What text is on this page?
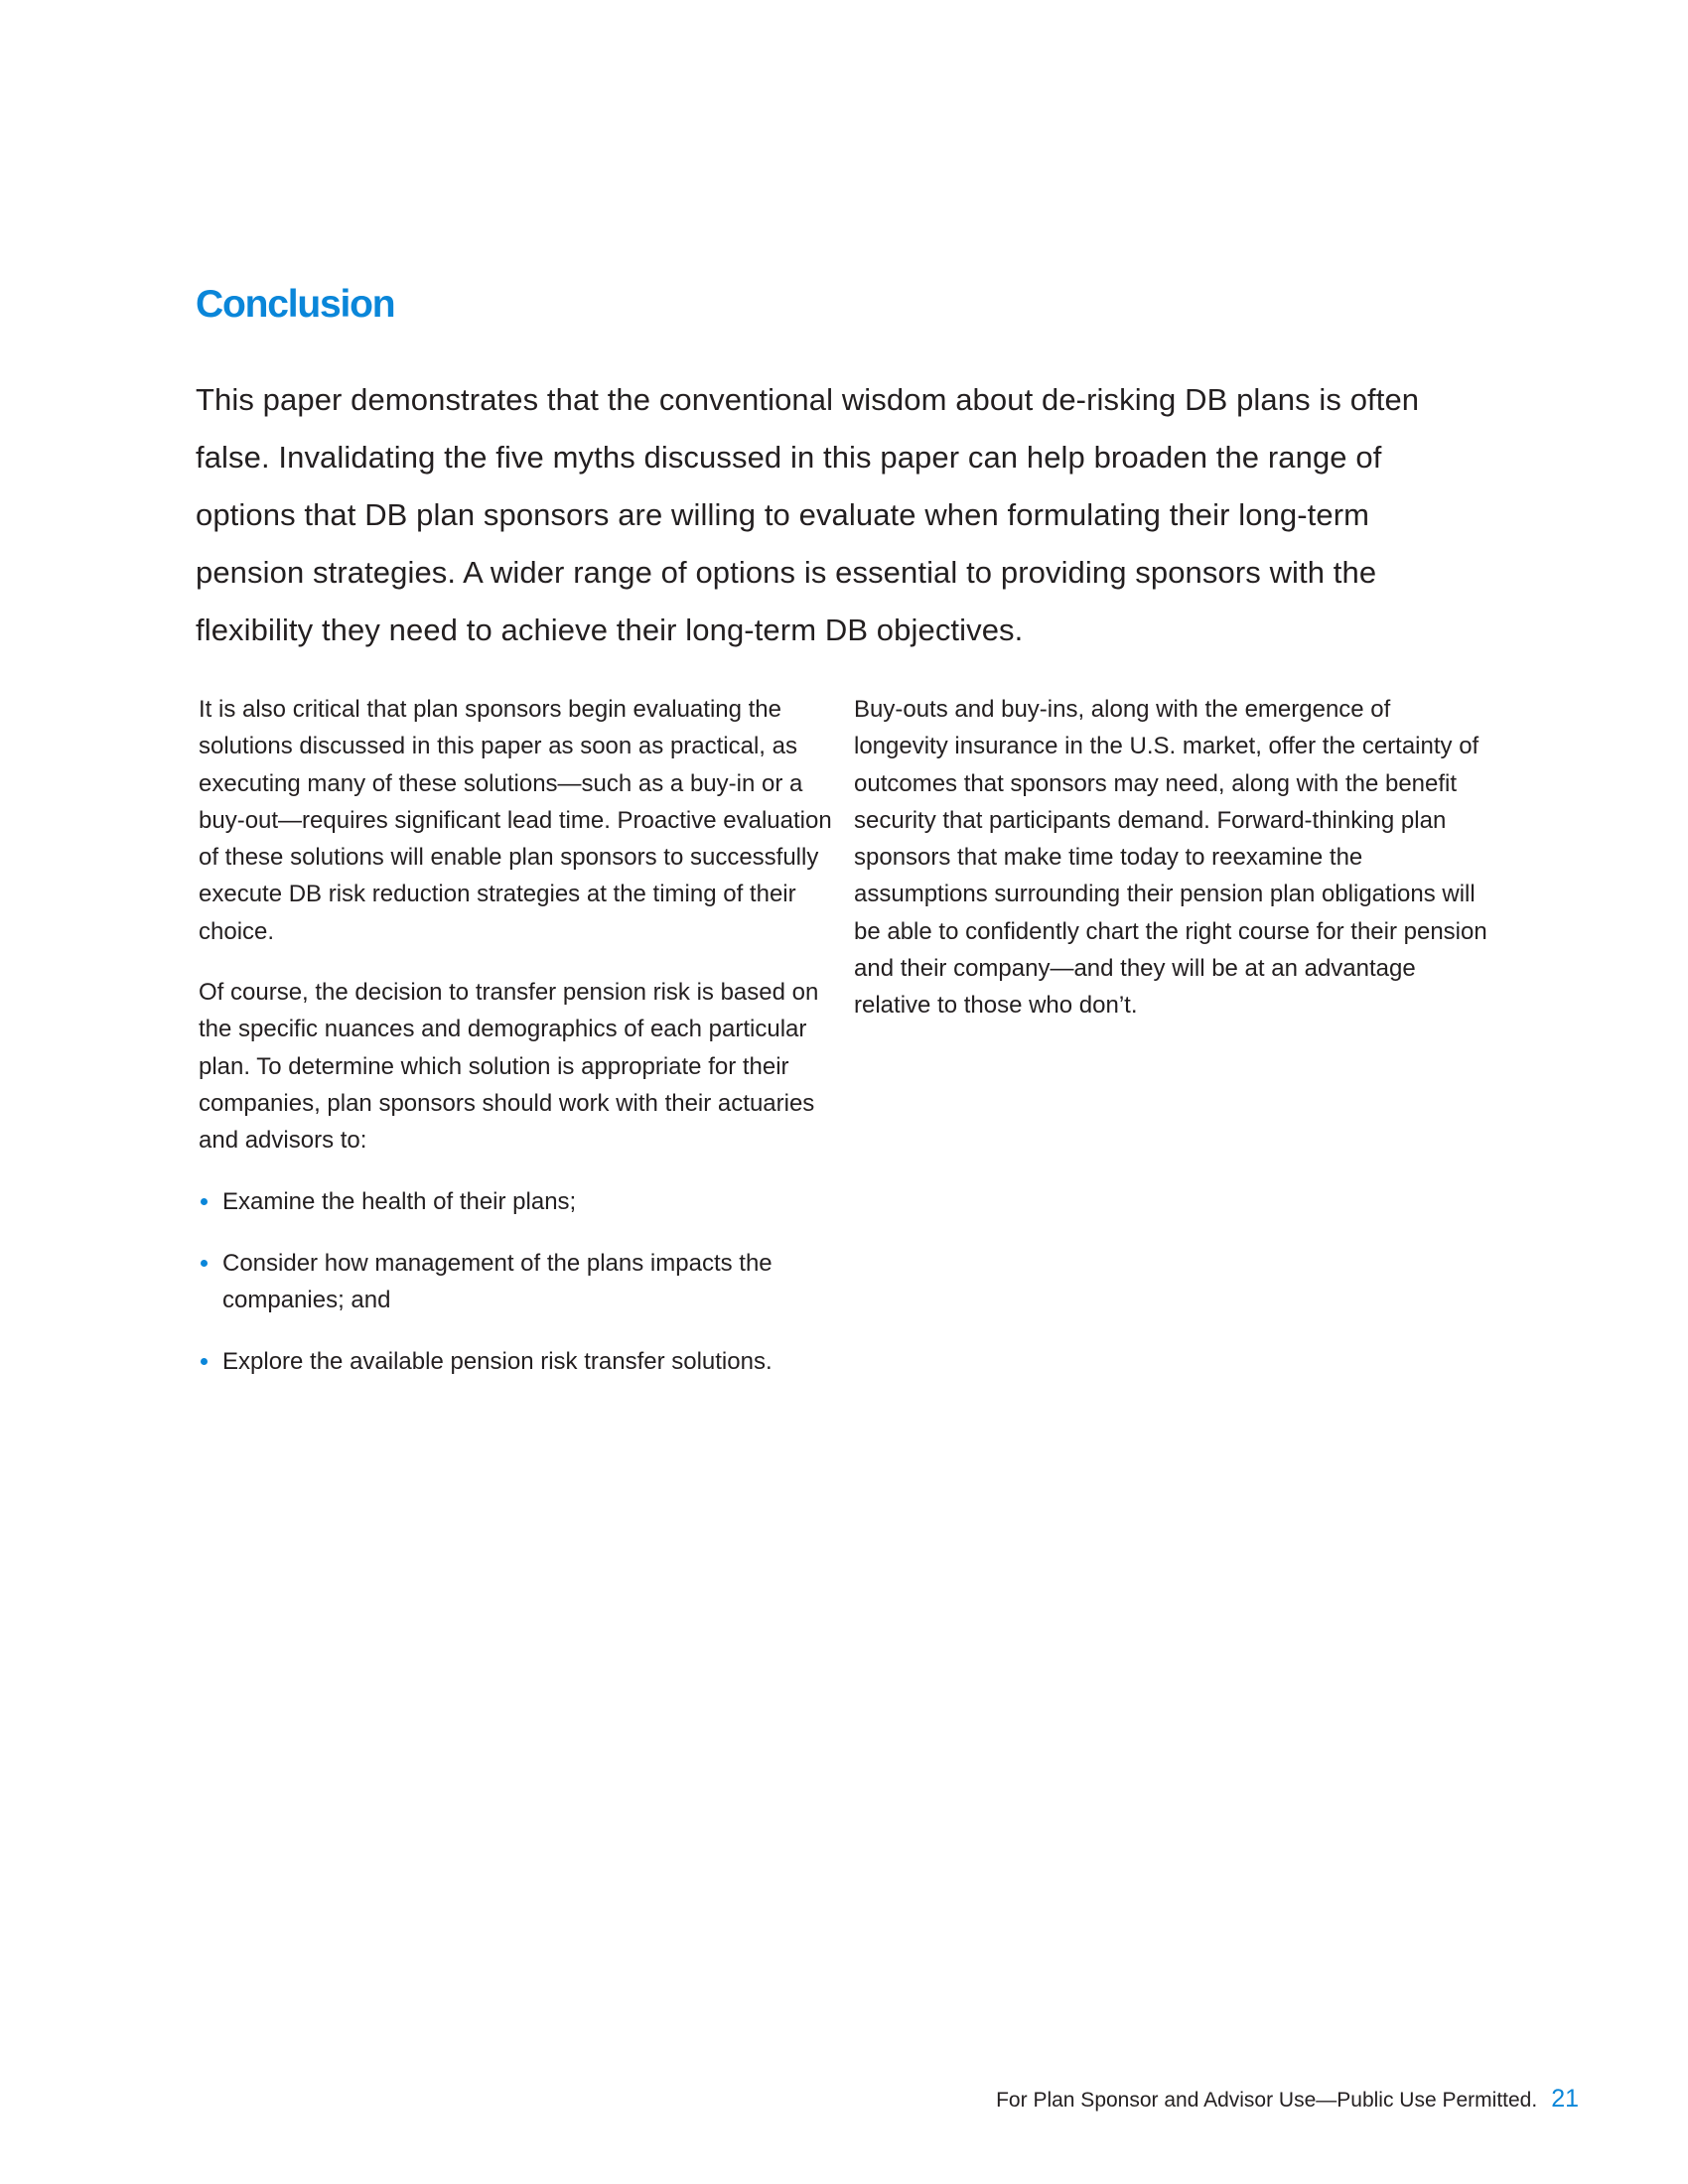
Conclusion

This paper demonstrates that the conventional wisdom about de-risking DB plans is often false. Invalidating the five myths discussed in this paper can help broaden the range of options that DB plan sponsors are willing to evaluate when formulating their long-term pension strategies. A wider range of options is essential to providing sponsors with the flexibility they need to achieve their long-term DB objectives.

It is also critical that plan sponsors begin evaluating the solutions discussed in this paper as soon as practical, as executing many of these solutions—such as a buy-in or a buy-out—requires significant lead time. Proactive evaluation of these solutions will enable plan sponsors to successfully execute DB risk reduction strategies at the timing of their choice.

Of course, the decision to transfer pension risk is based on the specific nuances and demographics of each particular plan. To determine which solution is appropriate for their companies, plan sponsors should work with their actuaries and advisors to:

Examine the health of their plans;
Consider how management of the plans impacts the companies; and
Explore the available pension risk transfer solutions.

Buy-outs and buy-ins, along with the emergence of longevity insurance in the U.S. market, offer the certainty of outcomes that sponsors may need, along with the benefit security that participants demand. Forward-thinking plan sponsors that make time today to reexamine the assumptions surrounding their pension plan obligations will be able to confidently chart the right course for their pension and their company—and they will be at an advantage relative to those who don’t.

For Plan Sponsor and Advisor Use—Public Use Permitted. 21
